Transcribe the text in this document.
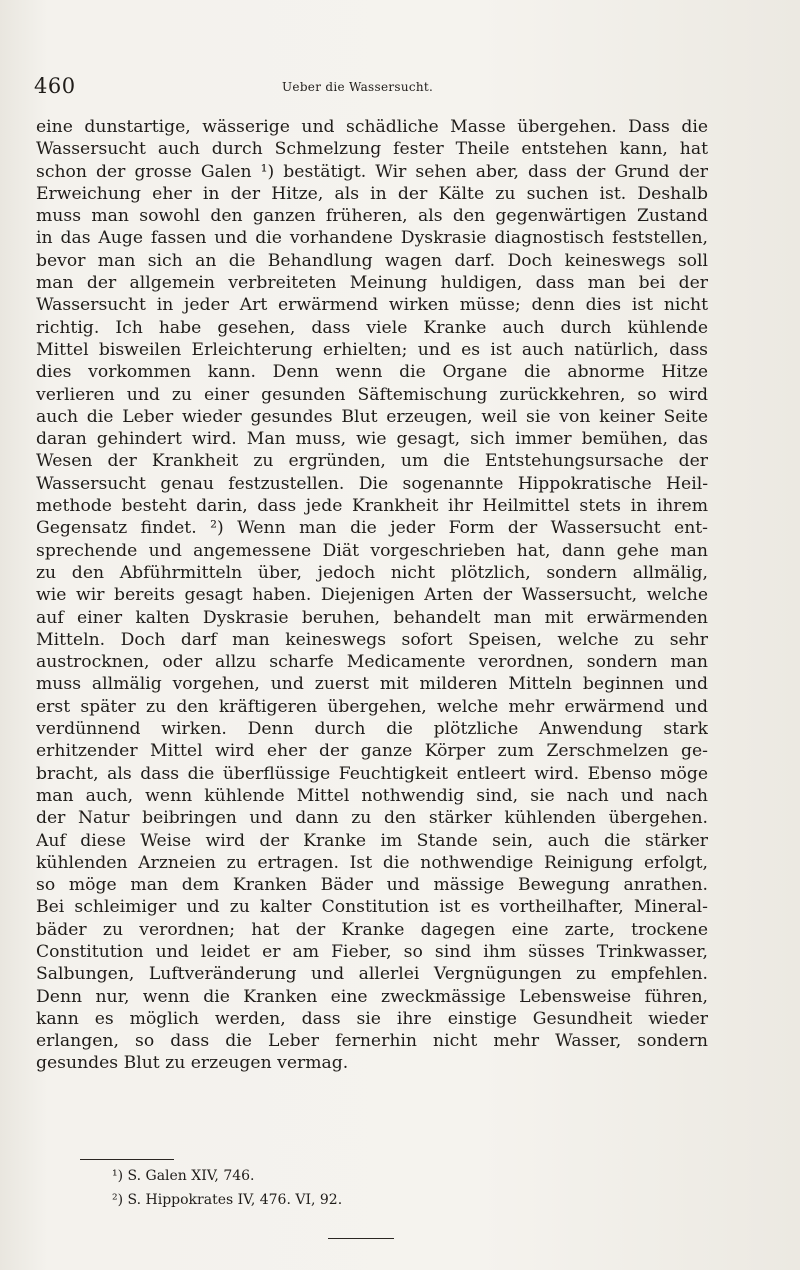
460	Ueber die Wassersucht.
eine dunstartige, wässerige und schädliche Masse übergehen. Dass die
Wassersucht auch durch Schmelzung fester Theile entstehen kann, hat
schon der grosse Galen ¹) bestätigt. Wir sehen aber, dass der Grund der
Erweichung eher in der Hitze, als in der Kälte zu suchen ist. Deshalb
muss man sowohl den ganzen früheren, als den gegenwärtigen Zustand
in das Auge fassen und die vorhandene Dyskrasie diagnostisch feststellen,
bevor man sich an die Behandlung wagen darf. Doch keineswegs soll
man der allgemein verbreiteten Meinung huldigen, dass man bei der
Wassersucht in jeder Art erwärmend wirken müsse; denn dies ist nicht
richtig. Ich habe gesehen, dass viele Kranke auch durch kühlende
Mittel bisweilen Erleichterung erhielten; und es ist auch natürlich, dass
dies vorkommen kann. Denn wenn die Organe die abnorme Hitze
verlieren und zu einer gesunden Säftemischung zurückkehren, so wird
auch die Leber wieder gesundes Blut erzeugen, weil sie von keiner Seite
daran gehindert wird. Man muss, wie gesagt, sich immer bemühen, das
Wesen der Krankheit zu ergründen, um die Entstehungsursache der
Wassersucht genau festzustellen. Die sogenannte Hippokratische Heil-
methode besteht darin, dass jede Krankheit ihr Heilmittel stets in ihrem
Gegensatz findet. ²) Wenn man die jeder Form der Wassersucht ent-
sprechende und angemessene Diät vorgeschrieben hat, dann gehe man
zu den Abführmitteln über, jedoch nicht plötzlich, sondern allmälig,
wie wir bereits gesagt haben. Diejenigen Arten der Wassersucht, welche
auf einer kalten Dyskrasie beruhen, behandelt man mit erwärmenden
Mitteln. Doch darf man keineswegs sofort Speisen, welche zu sehr
austrocknen, oder allzu scharfe Medicamente verordnen, sondern man
muss allmälig vorgehen, und zuerst mit milderen Mitteln beginnen und
erst später zu den kräftigeren übergehen, welche mehr erwärmend und
verdünnend wirken. Denn durch die plötzliche Anwendung stark
erhitzender Mittel wird eher der ganze Körper zum Zerschmelzen ge-
bracht, als dass die überflüssige Feuchtigkeit entleert wird. Ebenso möge
man auch, wenn kühlende Mittel nothwendig sind, sie nach und nach
der Natur beibringen und dann zu den stärker kühlenden übergehen.
Auf diese Weise wird der Kranke im Stande sein, auch die stärker
kühlenden Arzneien zu ertragen. Ist die nothwendige Reinigung erfolgt,
so möge man dem Kranken Bäder und mässige Bewegung anrathen.
Bei schleimiger und zu kalter Constitution ist es vortheilhafter, Mineral-
bäder zu verordnen; hat der Kranke dagegen eine zarte, trockene
Constitution und leidet er am Fieber, so sind ihm süsses Trinkwasser,
Salbungen, Luftveränderung und allerlei Vergnügungen zu empfehlen.
Denn nur, wenn die Kranken eine zweckmässige Lebensweise führen,
kann es möglich werden, dass sie ihre einstige Gesundheit wieder
erlangen, so dass die Leber fernerhin nicht mehr Wasser, sondern
gesundes Blut zu erzeugen vermag.
¹) S. Galen XIV, 746.
²) S. Hippokrates IV, 476. VI, 92.
